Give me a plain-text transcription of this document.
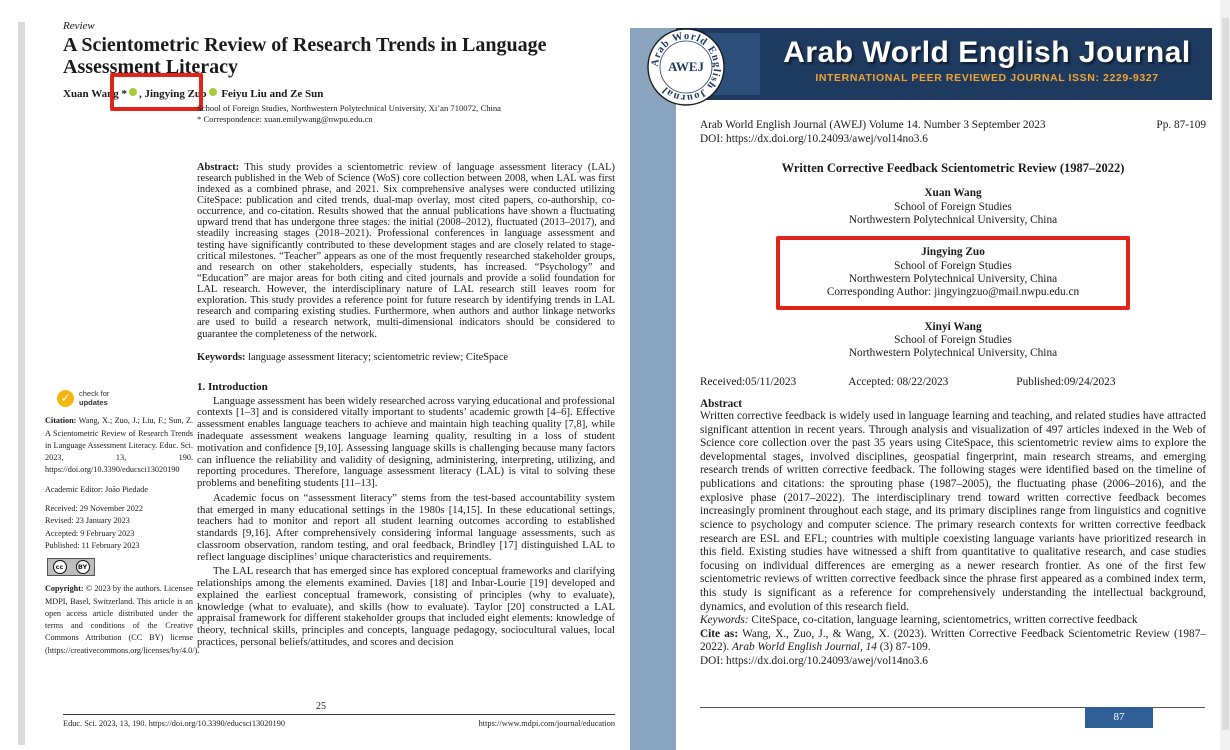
Review
A Scientometric Review of Research Trends in Language Assessment Literacy
Xuan Wang * , Jingying Zuo Feiyu Liu and Ze Sun
✓	check for
updates
Citation: Wang, X.; Zuo, J.; Liu, F.; Sun, Z. A Scientometric Review of Research Trends in Language Assessment Literacy. Educ. Sci. 2023, 13, 190. https://doi.org/10.3390/educsci13020190
Academic Editor: João Piedade
Received: 29 November 2022
Revised: 23 January 2023
Accepted: 9 February 2023
Published: 11 February 2023
cc	BY
Copyright: © 2023 by the authors. Licensee MDPI, Basel, Switzerland. This article is an open access article distributed under the terms and conditions of the Creative Commons Attribution (CC BY) license (https://creativecommons.org/licenses/by/4.0/).
School of Foreign Studies, Northwestern Polytechnical University, Xi’an 710072, China
* Correspondence: xuan.emilywang@nwpu.edu.cn

Abstract: This study provides a scientometric review of language assessment literacy (LAL) research published in the Web of Science (WoS) core collection between 2008, when LAL was first indexed as a combined phrase, and 2021. Six comprehensive analyses were conducted utilizing CiteSpace: publication and cited trends, dual-map overlay, most cited papers, co-authorship, co-occurrence, and co-citation. Results showed that the annual publications have shown a fluctuating upward trend that has undergone three stages: the initial (2008–2012), fluctuated (2013–2017), and steadily increasing stages (2018–2021). Professional conferences in language assessment and testing have significantly contributed to these development stages and are closely related to stage-critical milestones. “Teacher” appears as one of the most frequently researched stakeholder groups, and research on other stakeholders, especially students, has increased. “Psychology” and “Education” are major areas for both citing and cited journals and provide a solid foundation for LAL research. However, the interdisciplinary nature of LAL research still leaves room for exploration. This study provides a reference point for future research by identifying trends in LAL research and comparing existing studies. Furthermore, when authors and author linkage networks are used to build a research network, multi-dimensional indicators should be considered to guarantee the completeness of the network.

Keywords: language assessment literacy; scientometric review; CiteSpace

1. Introduction

Language assessment has been widely researched across varying educational and professional contexts [1–3] and is considered vitally important to students’ academic growth [4–6]. Effective assessment enables language teachers to achieve and maintain high teaching quality [7,8], while inadequate assessment weakens language learning quality, resulting in a loss of student motivation and confidence [9,10]. Assessing language skills is challenging because many factors can influence the reliability and validity of designing, administering, interpreting, utilizing, and reporting procedures. Therefore, language assessment literacy (LAL) is vital to solving these problems and benefiting students [11–13].

Academic focus on “assessment literacy” stems from the test-based accountability system that emerged in many educational settings in the 1980s [14,15]. In these educational settings, teachers had to monitor and report all student learning outcomes according to established standards [9,16]. After comprehensively considering informal language assessments, such as classroom observation, random testing, and oral feedback, Brindley [17] distinguished LAL to reflect language disciplines’ unique characteristics and requirements.

The LAL research that has emerged since has explored conceptual frameworks and clarifying relationships among the elements examined. Davies [18] and Inbar-Lourie [19] developed and explained the earliest conceptual framework, consisting of principles (why to evaluate), knowledge (what to evaluate), and skills (how to evaluate). Taylor [20] constructed a LAL appraisal framework for different stakeholder groups that included eight elements: knowledge of theory, technical skills, principles and concepts, language pedagogy, sociocultural values, local practices, personal beliefs/attitudes, and scores and decision

25
Educ. Sci. 2023, 13, 190. https://doi.org/10.3390/educsci13020190	https://www.mdpi.com/journal/education
Arab World English Journal
AWEJ	Arab World English Journal
INTERNATIONAL PEER REVIEWED JOURNAL ISSN: 2229-9327
Arab World English Journal (AWEJ) Volume 14. Number 3 September 2023	Pp. 87-109
DOI: https://dx.doi.org/10.24093/awej/vol14no3.6
Written Corrective Feedback Scientometric Review (1987–2022)
Xuan Wang
School of Foreign Studies
Northwestern Polytechnical University, China
Jingying Zuo
School of Foreign Studies
Northwestern Polytechnical University, China
Corresponding Author: jingyingzuo@mail.nwpu.edu.cn
Xinyi Wang
School of Foreign Studies
Northwestern Polytechnical University, China
Received:05/11/2023	Accepted: 08/22/2023	Published:09/24/2023
Abstract
Written corrective feedback is widely used in language learning and teaching, and related studies have attracted significant attention in recent years. Through analysis and visualization of 497 articles indexed in the Web of Science core collection over the past 35 years using CiteSpace, this scientometric review aims to explore the developmental stages, involved disciplines, geospatial fingerprint, main research streams, and emerging research trends of written corrective feedback. The following stages were identified based on the timeline of publications and citations: the sprouting phase (1987–2005), the fluctuating phase (2006–2016), and the explosive phase (2017–2022). The interdisciplinary trend toward written corrective feedback becomes increasingly prominent throughout each stage, and its primary disciplines range from linguistics and cognitive science to psychology and computer science. The primary research contexts for written corrective feedback research are ESL and EFL; countries with multiple coexisting language variants have prioritized research in this field. Existing studies have witnessed a shift from quantitative to qualitative research, and case studies focusing on individual differences are emerging as a newer research frontier. As one of the first few scientometric reviews of written corrective feedback since the phrase first appeared as a combined index term, this study is significant as a reference for comprehensively understanding the intellectual background, dynamics, and evolution of this research field.
Keywords: CiteSpace, co-citation, language learning, scientometrics, written corrective feedback
Cite as: Wang, X., Zuo, J., & Wang, X. (2023). Written Corrective Feedback Scientometric Review (1987–2022). Arab World English Journal, 14 (3) 87-109.
DOI: https://dx.doi.org/10.24093/awej/vol14no3.6
87
